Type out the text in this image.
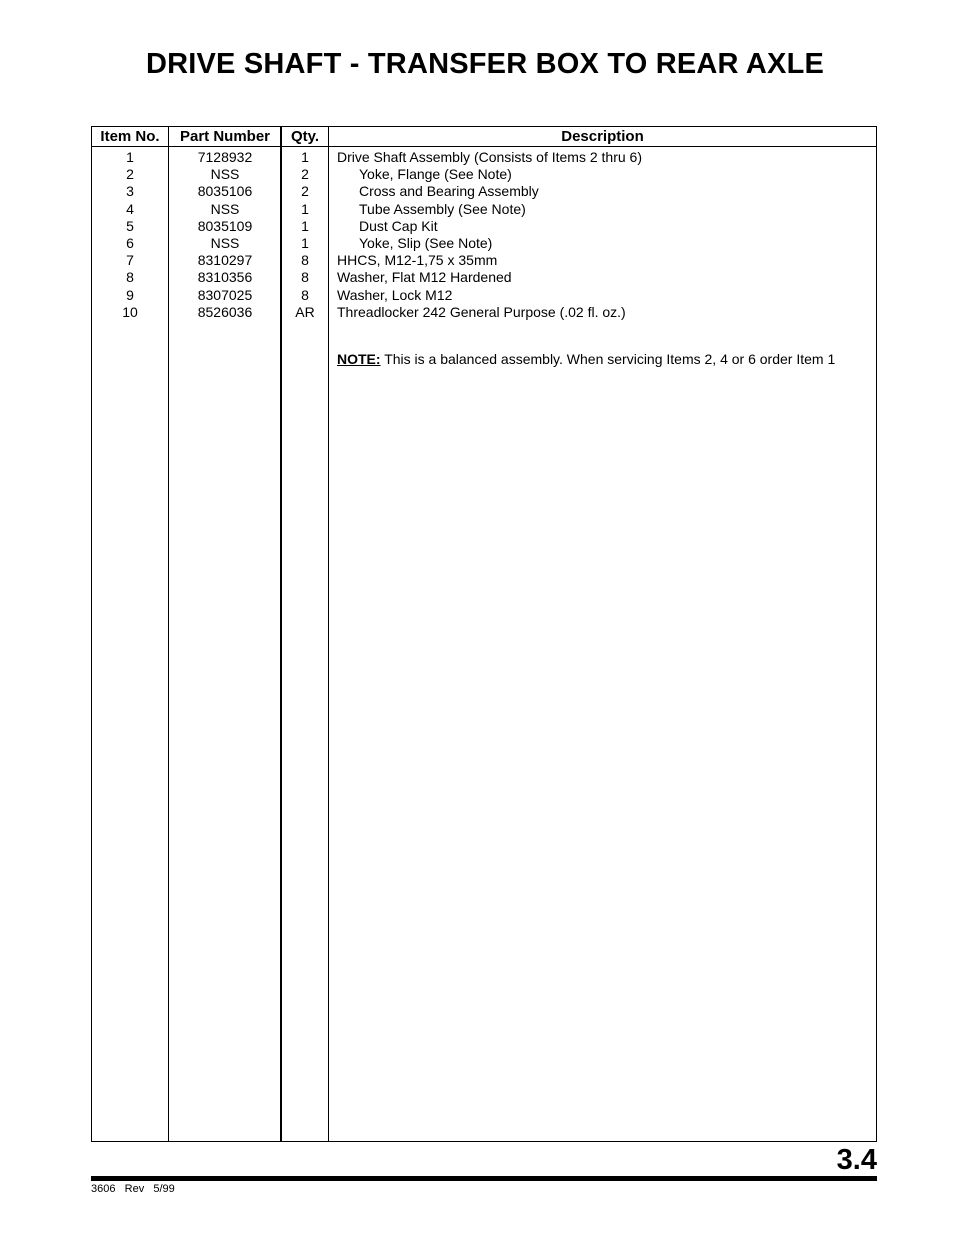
DRIVE SHAFT - TRANSFER BOX TO REAR AXLE
Item No.	Part Number	Qty.	Description
1	7128932	1	Drive Shaft Assembly (Consists of Items 2 thru 6)
2	NSS	2	Yoke, Flange (See Note)
3	8035106	2	Cross and Bearing Assembly
4	NSS	1	Tube Assembly (See Note)
5	8035109	1	Dust Cap Kit
6	NSS	1	Yoke, Slip (See Note)
7	8310297	8	HHCS, M12-1,75 x 35mm
8	8310356	8	Washer, Flat M12 Hardened
9	8307025	8	Washer, Lock M12
10	8526036	AR	Threadlocker 242 General Purpose (.02 fl. oz.)
NOTE: This is a balanced assembly. When servicing Items 2, 4 or 6 order Item 1
3.4
3606   Rev   5/99
